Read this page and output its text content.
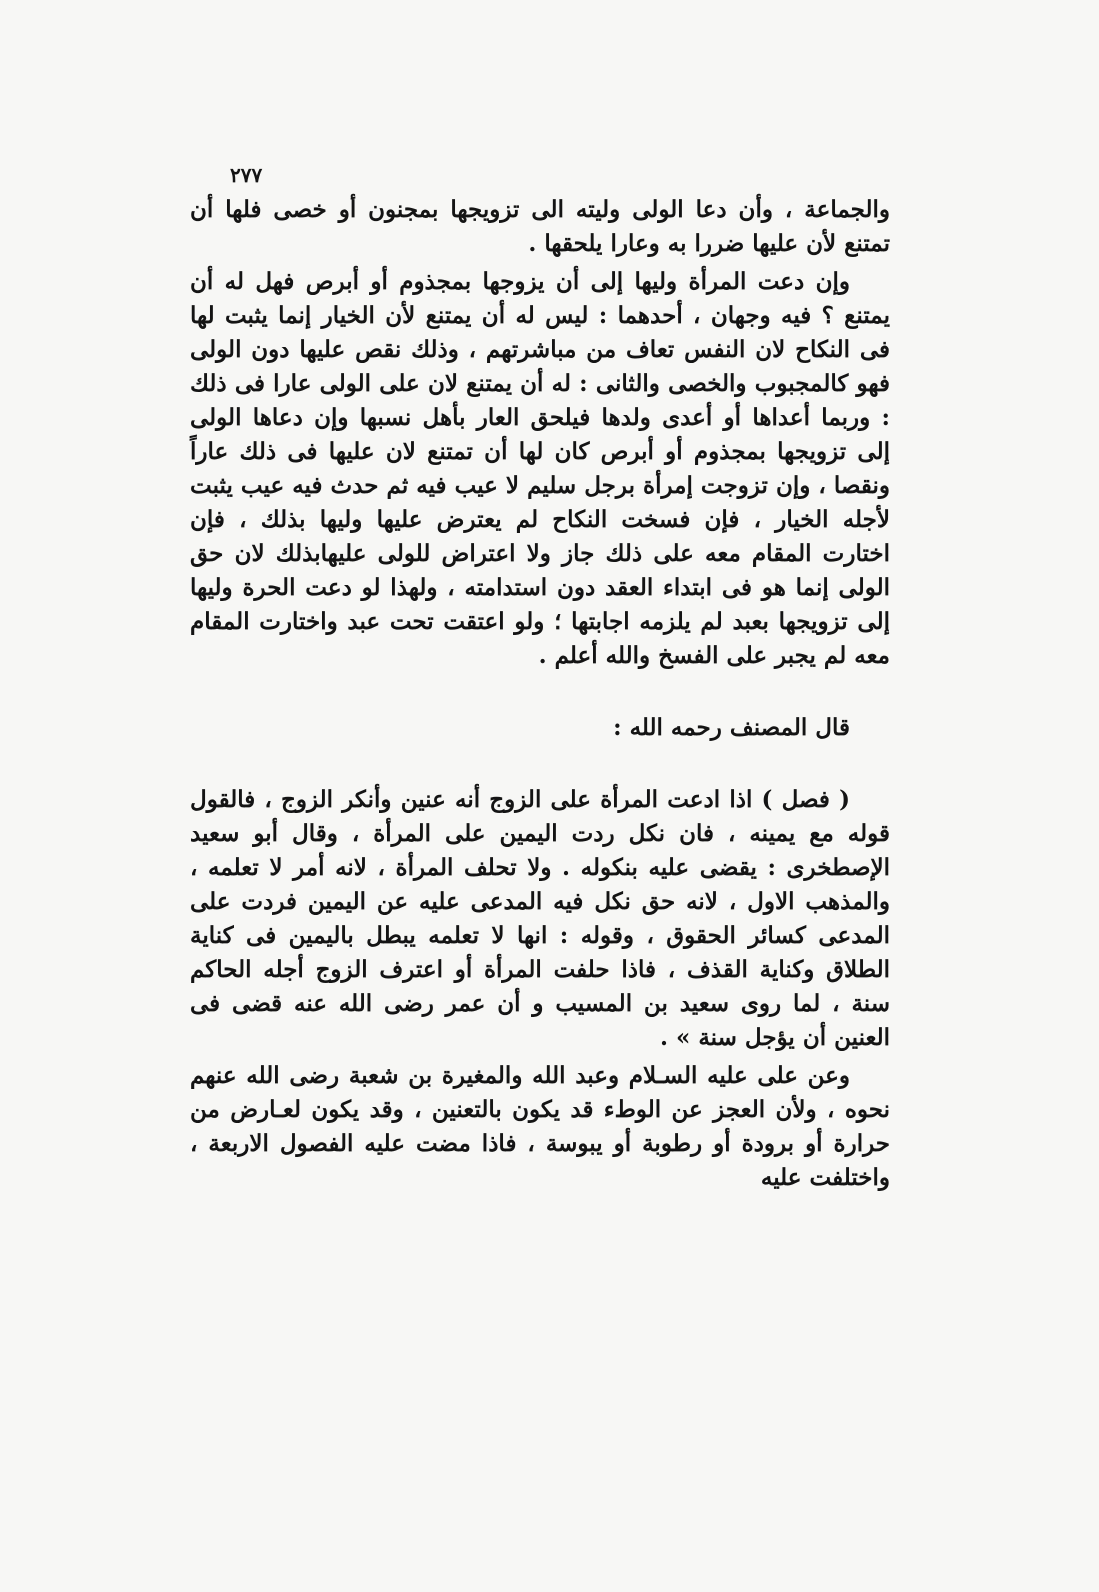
٢٧٧

والجماعة ، وأن دعا الولى وليته الى تزويجها بمجنون أو خصى فلها أن تمتنع لأن عليها ضررا به وعارا يلحقها .

وإن دعت المرأة وليها إلى أن يزوجها بمجذوم أو أبرص فهل له أن يمتنع ؟ فيه وجهان ، أحدهما : ليس له أن يمتنع لأن الخيار إنما يثبت لها فى النكاح لان النفس تعاف من مباشرتهم ، وذلك نقص عليها دون الولى فهو كالمجبوب والخصى والثانى : له أن يمتنع لان على الولى عارا فى ذلك : وربما أعداها أو أعدى ولدها فيلحق العار بأهل نسبها وإن دعاها الولى إلى تزويجها بمجذوم أو أبرص كان لها أن تمتنع لان عليها فى ذلك عاراً ونقصا ، وإن تزوجت إمرأة برجل سليم لا عيب فيه ثم حدث فيه عيب يثبت لأجله الخيار ، فإن فسخت النكاح لم يعترض عليها وليها بذلك ، فإن اختارت المقام معه على ذلك جاز ولا اعتراض للولى عليهابذلك لان حق الولى إنما هو فى ابتداء العقد دون استدامته ، ولهذا لو دعت الحرة وليها إلى تزويجها بعبد لم يلزمه اجابتها ؛ ولو اعتقت تحت عبد واختارت المقام معه لم يجبر على الفسخ والله أعلم .

قال المصنف رحمه الله :

( فصل ) اذا ادعت المرأة على الزوج أنه عنين وأنكر الزوج ، فالقول قوله مع يمينه ، فان نكل ردت اليمين على المرأة ، وقال أبو سعيد الإصطخرى : يقضى عليه بنكوله . ولا تحلف المرأة ، لانه أمر لا تعلمه ، والمذهب الاول ، لانه حق نكل فيه المدعى عليه عن اليمين فردت على المدعى كسائر الحقوق ، وقوله : انها لا تعلمه يبطل باليمين فى كناية الطلاق وكناية القذف ، فاذا حلفت المرأة أو اعترف الزوج أجله الحاكم سنة ، لما روى سعيد بن المسيب و أن عمر رضى الله عنه قضى فى العنين أن يؤجل سنة » .

وعن على عليه السـلام وعبد الله والمغيرة بن شعبة رضى الله عنهم نحوه ، ولأن العجز عن الوطء قد يكون بالتعنين ، وقد يكون لعـارض من حرارة أو برودة أو رطوبة أو يبوسة ، فاذا مضت عليه الفصول الاربعة ، واختلفت عليه
